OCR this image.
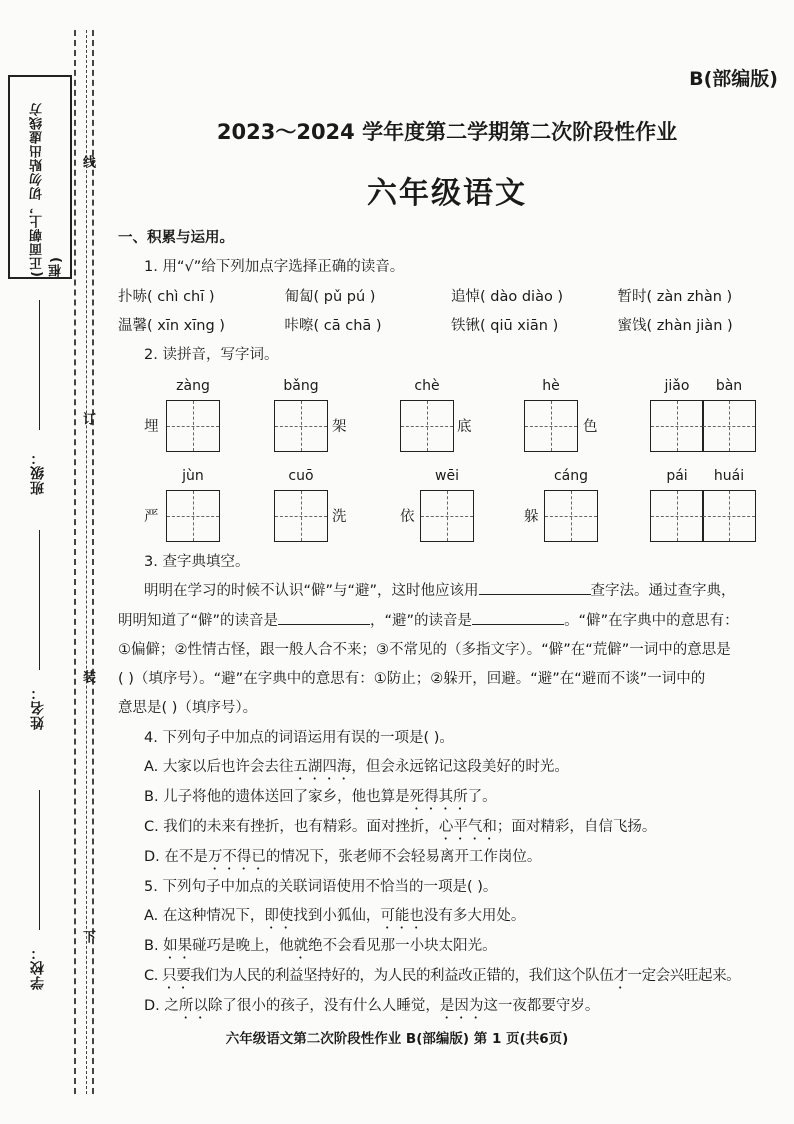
(正面朝上，切勿贴出虚线方框)
线
订
装
下
班级：
姓名：
学校：
B(部编版)
2023～2024 学年度第二学期第二次阶段性作业
六年级语文

一、积累与运用。

1. 用“√”给下列加点字选择正确的读音。

扑哧( chì chī )	匍匐( pǔ pú )	追悼( dào diào )	暂时( zàn zhàn )
温馨( xīn xīng )	咔嚓( cā chā )	铁锹( qiū xiān )	蜜饯( zhàn jiàn )

2. 读拼音，写字词。

zàng
埋
bǎng
架
chè
底
hè
色
jiǎo	bàn
jùn
严
cuō
洗
wēi
依
cáng
躲
pái	huái

3. 查字典填空。

明明在学习的时候不认识“僻”与“避”，这时他应该用	查字法。通过查字典，

明明知道了“僻”的读音是	，“避”的读音是	。“僻”在字典中的意思有：

①偏僻；②性情古怪，跟一般人合不来；③不常见的（多指文字）。“僻”在“荒僻”一词中的意思是

( )（填序号）。“避”在字典中的意思有：①防止；②躲开，回避。“避”在“避而不谈”一词中的

意思是( )（填序号）。

4. 下列句子中加点的词语运用有误的一项是( )。

A. 大家以后也许会去往五湖四海，但会永远铭记这段美好的时光。

B. 儿子将他的遗体送回了家乡，他也算是死得其所了。

C. 我们的未来有挫折，也有精彩。面对挫折，心平气和；面对精彩，自信飞扬。

D. 在不是万不得已的情况下，张老师不会轻易离开工作岗位。

5. 下列句子中加点的关联词语使用不恰当的一项是( )。

A. 在这种情况下，即使找到小狐仙，可能也没有多大用处。

B. 如果碰巧是晚上，他就绝不会看见那一小块太阳光。

C. 只要我们为人民的利益坚持好的，为人民的利益改正错的，我们这个队伍才一定会兴旺起来。

D. 之所以除了很小的孩子，没有什么人睡觉，是因为这一夜都要守岁。

六年级语文第二次阶段性作业 B(部编版) 第 1 页(共6页)
